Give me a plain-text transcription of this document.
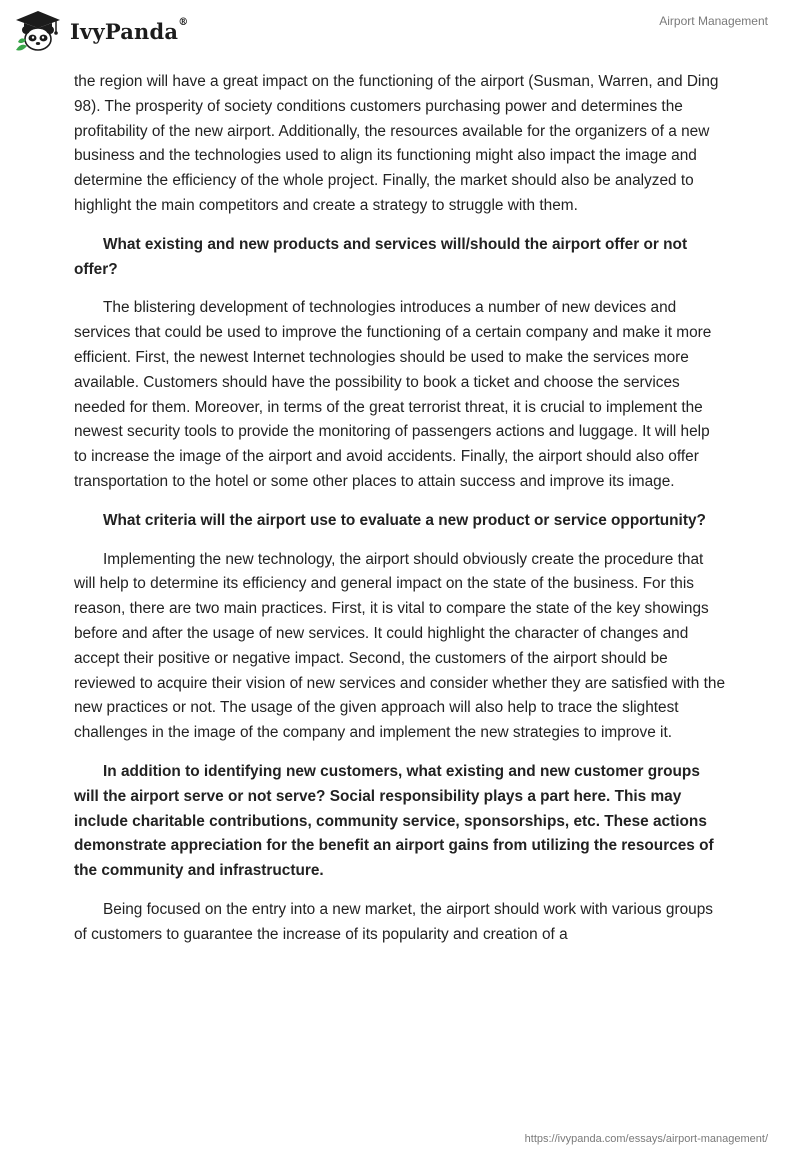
IvyPanda®	Airport Management

the region will have a great impact on the functioning of the airport (Susman, Warren, and Ding 98). The prosperity of society conditions customers purchasing power and determines the profitability of the new airport. Additionally, the resources available for the organizers of a new business and the technologies used to align its functioning might also impact the image and determine the efficiency of the whole project. Finally, the market should also be analyzed to highlight the main competitors and create a strategy to struggle with them.

What existing and new products and services will/should the airport offer or not offer?

The blistering development of technologies introduces a number of new devices and services that could be used to improve the functioning of a certain company and make it more efficient. First, the newest Internet technologies should be used to make the services more available. Customers should have the possibility to book a ticket and choose the services needed for them. Moreover, in terms of the great terrorist threat, it is crucial to implement the newest security tools to provide the monitoring of passengers actions and luggage. It will help to increase the image of the airport and avoid accidents. Finally, the airport should also offer transportation to the hotel or some other places to attain success and improve its image.

What criteria will the airport use to evaluate a new product or service opportunity?

Implementing the new technology, the airport should obviously create the procedure that will help to determine its efficiency and general impact on the state of the business. For this reason, there are two main practices. First, it is vital to compare the state of the key showings before and after the usage of new services. It could highlight the character of changes and accept their positive or negative impact. Second, the customers of the airport should be reviewed to acquire their vision of new services and consider whether they are satisfied with the new practices or not. The usage of the given approach will also help to trace the slightest challenges in the image of the company and implement the new strategies to improve it.

In addition to identifying new customers, what existing and new customer groups will the airport serve or not serve? Social responsibility plays a part here. This may include charitable contributions, community service, sponsorships, etc. These actions demonstrate appreciation for the benefit an airport gains from utilizing the resources of the community and infrastructure.

Being focused on the entry into a new market, the airport should work with various groups of customers to guarantee the increase of its popularity and creation of a

https://ivypanda.com/essays/airport-management/
